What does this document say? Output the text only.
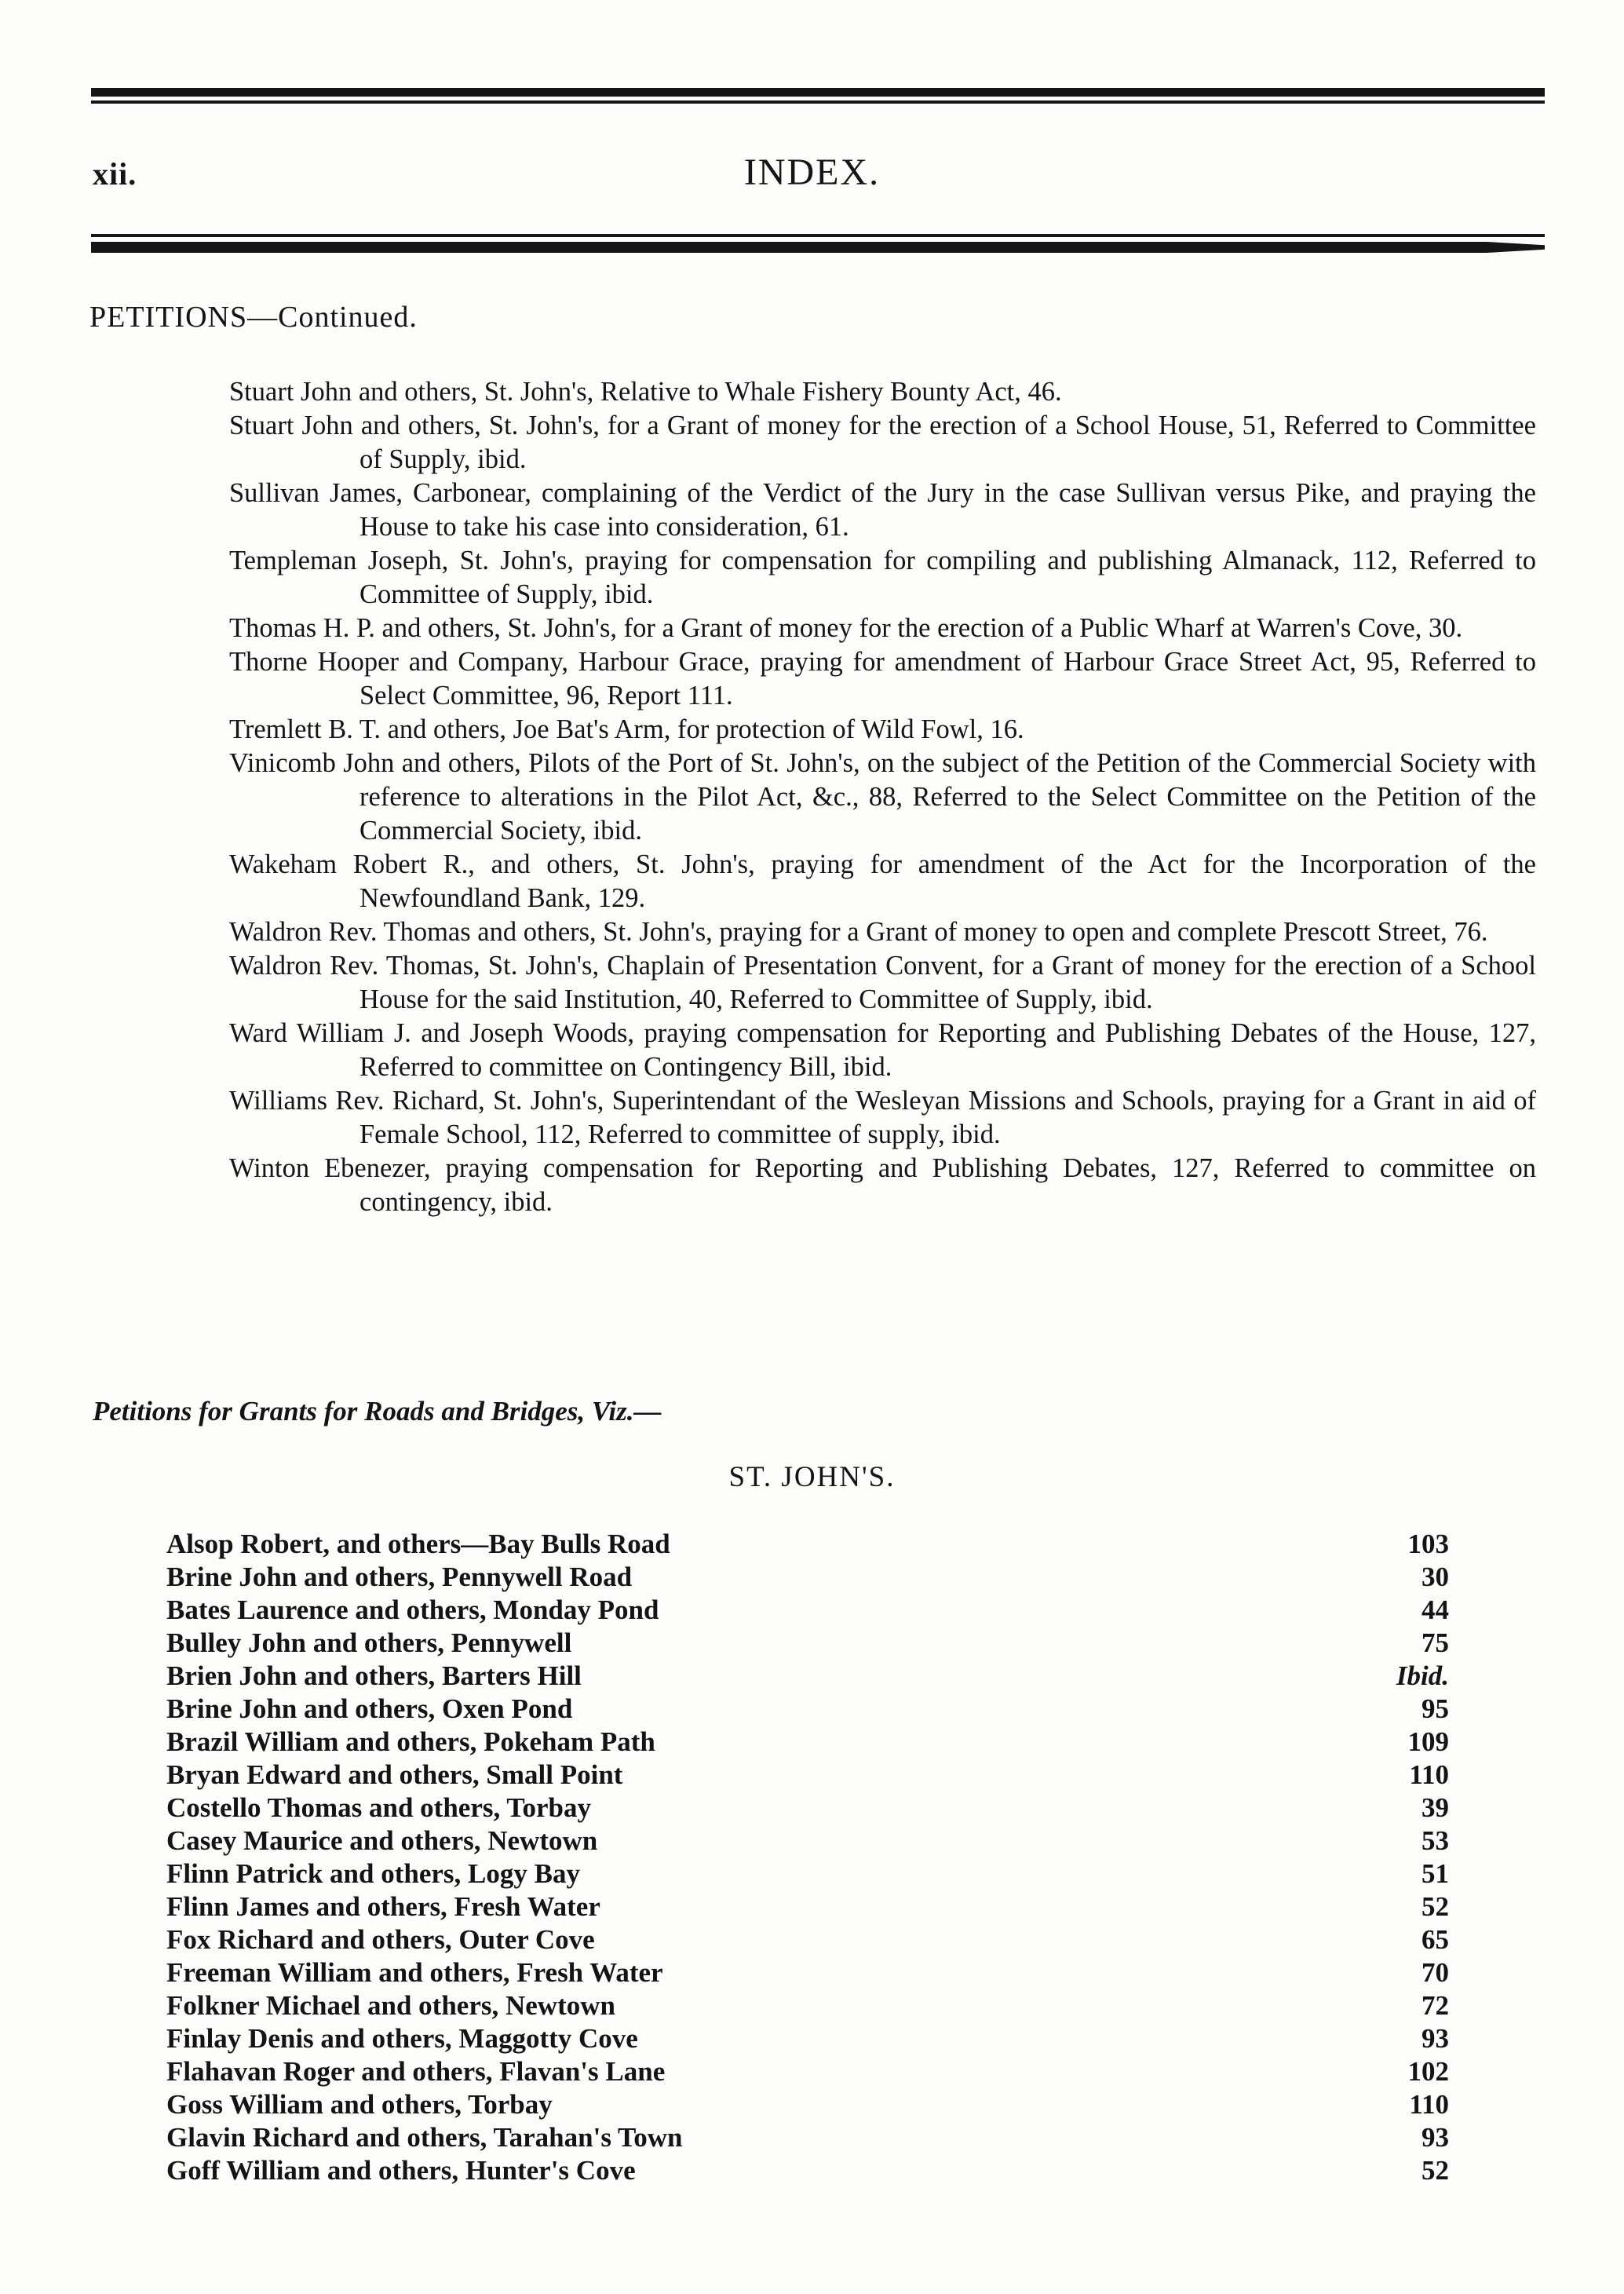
xii.	INDEX.
PETITIONS—Continued.
Stuart John and others, St. John's, Relative to Whale Fishery Bounty Act, 46.
Stuart John and others, St. John's, for a Grant of money for the erection of a School House, 51, Referred to Committee of Supply, ibid.
Sullivan James, Carbonear, complaining of the Verdict of the Jury in the case Sullivan versus Pike, and praying the House to take his case into consideration, 61.
Templeman Joseph, St. John's, praying for compensation for compiling and publishing Almanack, 112, Referred to Committee of Supply, ibid.
Thomas H. P. and others, St. John's, for a Grant of money for the erection of a Public Wharf at Warren's Cove, 30.
Thorne Hooper and Company, Harbour Grace, praying for amendment of Harbour Grace Street Act, 95, Referred to Select Committee, 96, Report 111.
Tremlett B. T. and others, Joe Bat's Arm, for protection of Wild Fowl, 16.
Vinicomb John and others, Pilots of the Port of St. John's, on the subject of the Petition of the Commercial Society with reference to alterations in the Pilot Act, &c., 88, Referred to the Select Committee on the Petition of the Commercial Society, ibid.
Wakeham Robert R., and others, St. John's, praying for amendment of the Act for the Incorporation of the Newfoundland Bank, 129.
Waldron Rev. Thomas and others, St. John's, praying for a Grant of money to open and complete Prescott Street, 76.
Waldron Rev. Thomas, St. John's, Chaplain of Presentation Convent, for a Grant of money for the erection of a School House for the said Institution, 40, Referred to Committee of Supply, ibid.
Ward William J. and Joseph Woods, praying compensation for Reporting and Publishing Debates of the House, 127, Referred to committee on Contingency Bill, ibid.
Williams Rev. Richard, St. John's, Superintendant of the Wesleyan Missions and Schools, praying for a Grant in aid of Female School, 112, Referred to committee of supply, ibid.
Winton Ebenezer, praying compensation for Reporting and Publishing Debates, 127, Referred to committee on contingency, ibid.
Petitions for Grants for Roads and Bridges, Viz.—
ST. JOHN'S.
Alsop Robert, and others—Bay Bulls Road	103
Brine John and others, Pennywell Road	30
Bates Laurence and others, Monday Pond	44
Bulley John and others, Pennywell	75
Brien John and others, Barters Hill	Ibid.
Brine John and others, Oxen Pond	95
Brazil William and others, Pokeham Path	109
Bryan Edward and others, Small Point	110
Costello Thomas and others, Torbay	39
Casey Maurice and others, Newtown	53
Flinn Patrick and others, Logy Bay	51
Flinn James and others, Fresh Water	52
Fox Richard and others, Outer Cove	65
Freeman William and others, Fresh Water	70
Folkner Michael and others, Newtown	72
Finlay Denis and others, Maggotty Cove	93
Flahavan Roger and others, Flavan's Lane	102
Goss William and others, Torbay	110
Glavin Richard and others, Tarahan's Town	93
Goff William and others, Hunter's Cove	52
